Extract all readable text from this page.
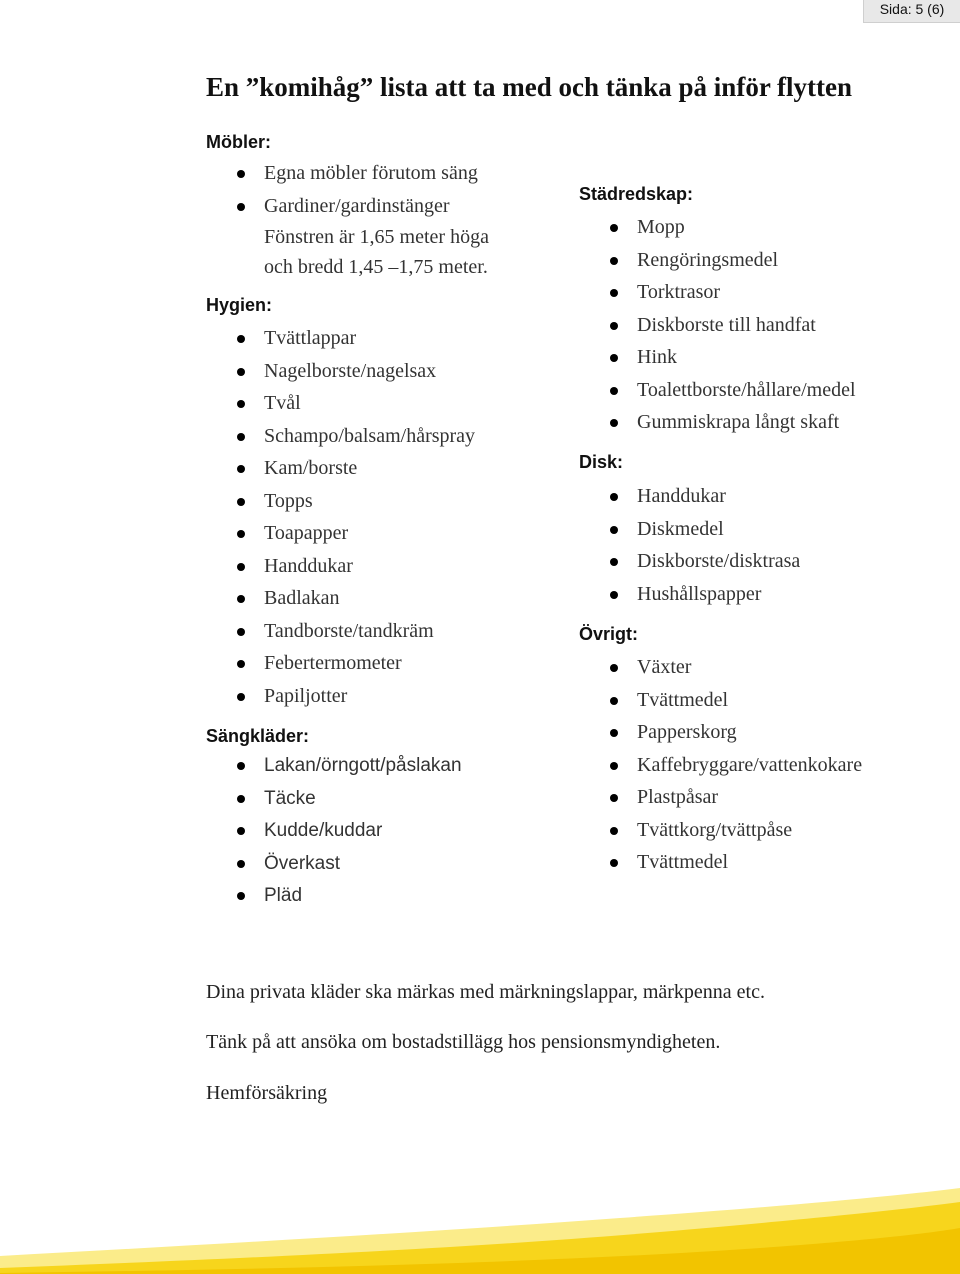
Sida: 5 (6)
En ”komihåg” lista att ta med och tänka på inför flytten
Möbler:
Egna möbler förutom säng
Gardiner/gardinstänger
Fönstren är 1,65 meter höga
och bredd 1,45 –1,75 meter.
Hygien:
Tvättlappar
Nagelborste/nagelsax
Tvål
Schampo/balsam/hårspray
Kam/borste
Topps
Toapapper
Handdukar
Badlakan
Tandborste/tandkräm
Febertermometer
Papiljotter
Sängkläder:
Lakan/örngott/påslakan
Täcke
Kudde/kuddar
Överkast
Pläd
Städredskap:
Mopp
Rengöringsmedel
Torktrasor
Diskborste till handfat
Hink
Toalettborste/hållare/medel
Gummiskrapa långt skaft
Disk:
Handdukar
Diskmedel
Diskborste/disktrasa
Hushållspapper
Övrigt:
Växter
Tvättmedel
Papperskorg
Kaffebryggare/vattenkokare
Plastpåsar
Tvättkorg/tvättpåse
Tvättmedel

Dina privata kläder ska märkas med märkningslappar, märkpenna etc.

Tänk på att ansöka om bostadstillägg hos pensionsmyndigheten.

Hemförsäkring
